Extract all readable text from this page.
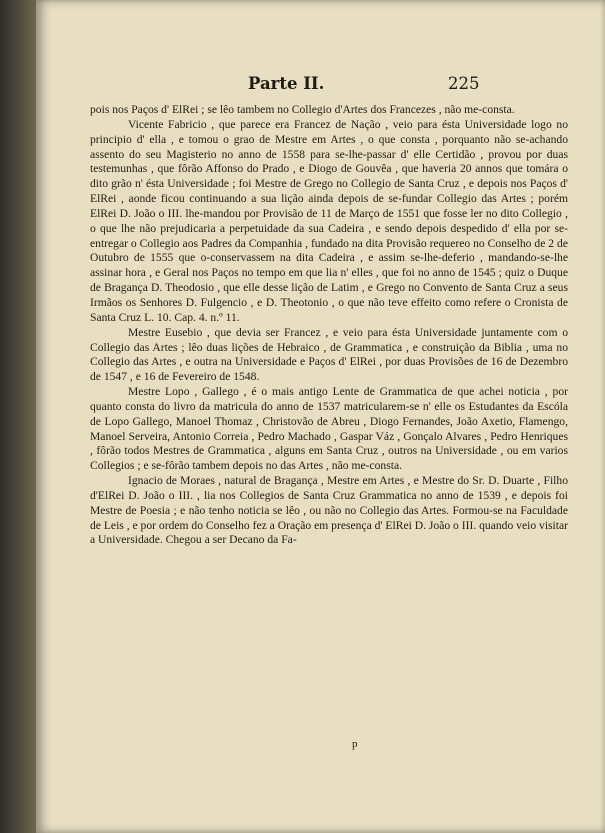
Parte II.	225

pois nos Paços d' ElRei ; se lêo tambem no Collegio d'Artes dos Francezes , não me-consta.

Vicente Fabricio , que parece era Francez de Nação , veio para ésta Universidade logo no principio d' ella , e tomou o grao de Mestre em Artes , o que consta , porquanto não se-achando assento do seu Magisterio no anno de 1558 para se-lhe-passar d' elle Certidão , provou por duas testemunhas , que fôrão Affonso do Prado , e Diogo de Gouvêa , que haveria 20 annos que tomára o dito grão n' ésta Universidade ; foi Mestre de Grego no Collegio de Santa Cruz , e depois nos Paços d' ElRei , aonde ficou continuando a sua lição ainda depois de se-fundar Collegio das Artes ; porém ElRei D. João o III. lhe-mandou por Provisão de 11 de Março de 1551 que fosse ler no dito Collegio , o que lhe não prejudicaria a perpetuidade da sua Cadeira , e sendo depois despedido d' ella por se-entregar o Collegio aos Padres da Companhia , fundado na dita Provisão requereo no Conselho de 2 de Outubro de 1555 que o-conservassem na dita Cadeira , e assim se-lhe-deferio , mandando-se-lhe assinar hora , e Geral nos Paços no tempo em que lia n' elles , que foi no anno de 1545 ; quiz o Duque de Bragança D. Theodosio , que elle desse lição de Latim , e Grego no Convento de Santa Cruz a seus Irmãos os Senhores D. Fulgencio , e D. Theotonio , o que não teve effeito como refere o Cronista de Santa Cruz L. 10. Cap. 4. n.º 11.

Mestre Eusebio , que devia ser Francez , e veio para ésta Universidade juntamente com o Collegio das Artes ; lêo duas lições de Hebraico , de Grammatica , e construição da Biblia , uma no Collegio das Artes , e outra na Universidade e Paços d' ElRei , por duas Provisões de 16 de Dezembro de 1547 , e 16 de Fevereiro de 1548.

Mestre Lopo , Gallego , é o mais antigo Lente de Grammatica de que achei noticia , por quanto consta do livro da matricula do anno de 1537 matricularem-se n' elle os Estudantes da Escóla de Lopo Gallego, Manoel Thomaz , Christovão de Abreu , Diogo Fernandes, João Axetio, Flamengo, Manoel Serveira, Antonio Correia , Pedro Machado , Gaspar Váz , Gonçalo Alvares , Pedro Henriques , fôrão todos Mestres de Grammatica , alguns em Santa Cruz , outros na Universidade , ou em varios Collegios ; e se-fôrão tambem depois no das Artes , não me-consta.

Ignacio de Moraes , natural de Bragança , Mestre em Artes , e Mestre do Sr. D. Duarte , Filho d'ElRei D. João o III. , lia nos Collegios de Santa Cruz Grammatica no anno de 1539 , e depois foi Mestre de Poesia ; e não tenho noticia se lêo , ou não no Collegio das Artes. Formou-se na Faculdade de Leis , e por ordem do Conselho fez a Oração em presença d' ElRei D. João o III. quando veio visitar a Universidade. Chegou a ser Decano da Fa-

p
